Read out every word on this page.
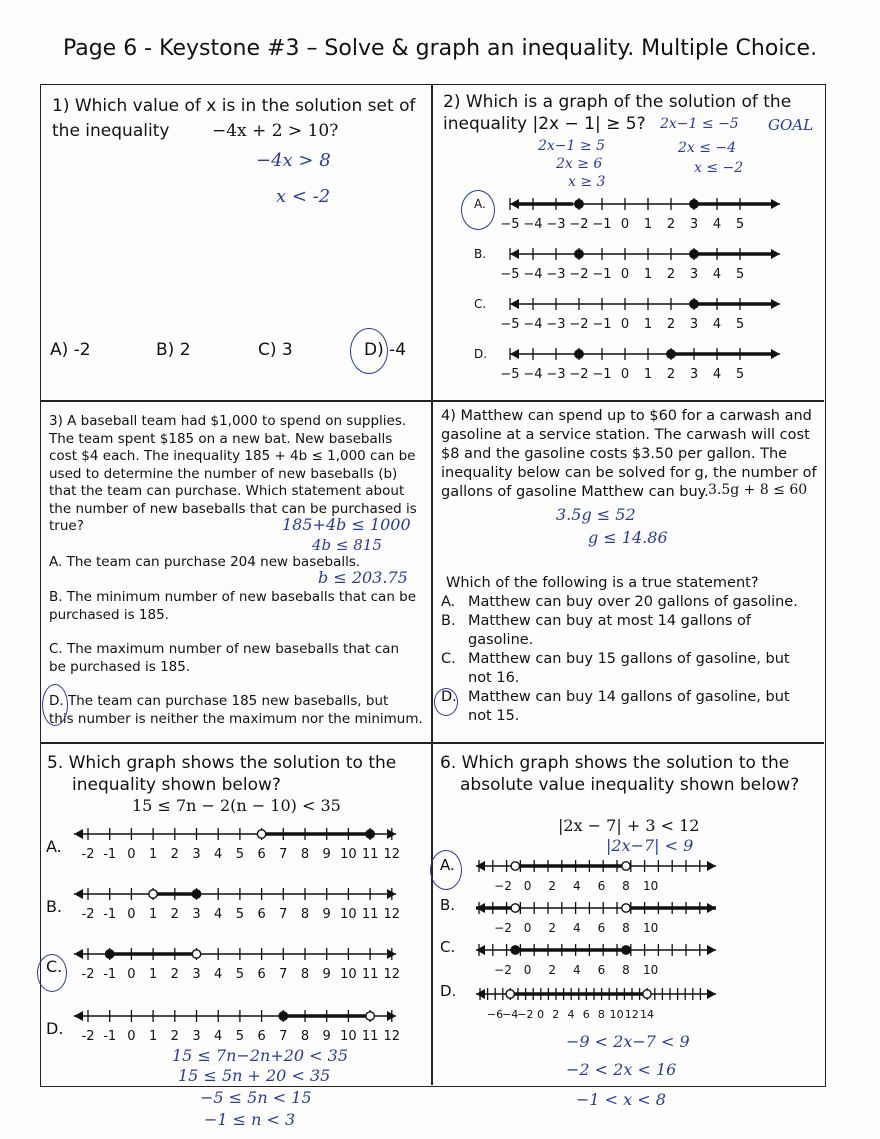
Page 6 - Keystone #3 – Solve & graph an inequality. Multiple Choice.
1) Which value of x is in the solution set of
the inequality	−4x + 2 > 10?
−4x > 8
x < -2
A) -2	B) 2	C) 3	D) -4
2) Which is a graph of the solution of the
inequality |2x − 1| ≥ 5?
2x−1 ≥ 5
2x ≥ 6
x ≥ 3
2x−1 ≤ −5
2x ≤ −4
x ≤ −2
GOAL
A.
−5 −4 −3 −2 −1 0 1 2 3 4 5
B.
−5 −4 −3 −2 −1 0 1 2 3 4 5
C.
−5 −4 −3 −2 −1 0 1 2 3 4 5
D.
−5 −4 −3 −2 −1 0 1 2 3 4 5
3) A baseball team had $1,000 to spend on supplies.
The team spent $185 on a new bat. New baseballs
cost $4 each. The inequality 185 + 4b ≤ 1,000 can be
used to determine the number of new baseballs (b)
that the team can purchase. Which statement about
the number of new baseballs that can be purchased is
true?	185+4b ≤ 1000
4b ≤ 815
b ≤ 203.75
A. The team can purchase 204 new baseballs.
B. The minimum number of new baseballs that can be
purchased is 185.
C. The maximum number of new baseballs that can
be purchased is 185.
D. The team can purchase 185 new baseballs, but
this number is neither the maximum nor the minimum.
4) Matthew can spend up to $60 for a carwash and
gasoline at a service station. The carwash will cost
$8 and the gasoline costs $3.50 per gallon. The
inequality below can be solved for g, the number of
gallons of gasoline Matthew can buy. 3.5g + 8 ≤ 60
3.5g ≤ 52
g ≤ 14.86
Which of the following is a true statement?
A. Matthew can buy over 20 gallons of gasoline.
B. Matthew can buy at most 14 gallons of
gasoline.
C. Matthew can buy 15 gallons of gasoline, but
not 16.
D. Matthew can buy 14 gallons of gasoline, but
not 15.
5. Which graph shows the solution to the
inequality shown below?
15 ≤ 7n − 2(n − 10) < 35
A. -2 -1 0 1 2 3 4 5 6 7 8 9 10 11 12
B. -2 -1 0 1 2 3 4 5 6 7 8 9 10 11 12
C. -2 -1 0 1 2 3 4 5 6 7 8 9 10 11 12
D. -2 -1 0 1 2 3 4 5 6 7 8 9 10 11 12
15 ≤ 7n−2n+20 < 35
15 ≤ 5n + 20 < 35
−5 ≤ 5n < 15
−1 ≤ n < 3
6. Which graph shows the solution to the
absolute value inequality shown below?
|2x − 7| + 3 < 12
|2x−7| < 9
A.
−2 0 2 4 6 8 10
B.
−2 0 2 4 6 8 10
C.
−2 0 2 4 6 8 10
D.
−6
−4
−2 0 2 4 6 8 10 12 14
−9 < 2x−7 < 9
−2 < 2x < 16
−1 < x < 8
